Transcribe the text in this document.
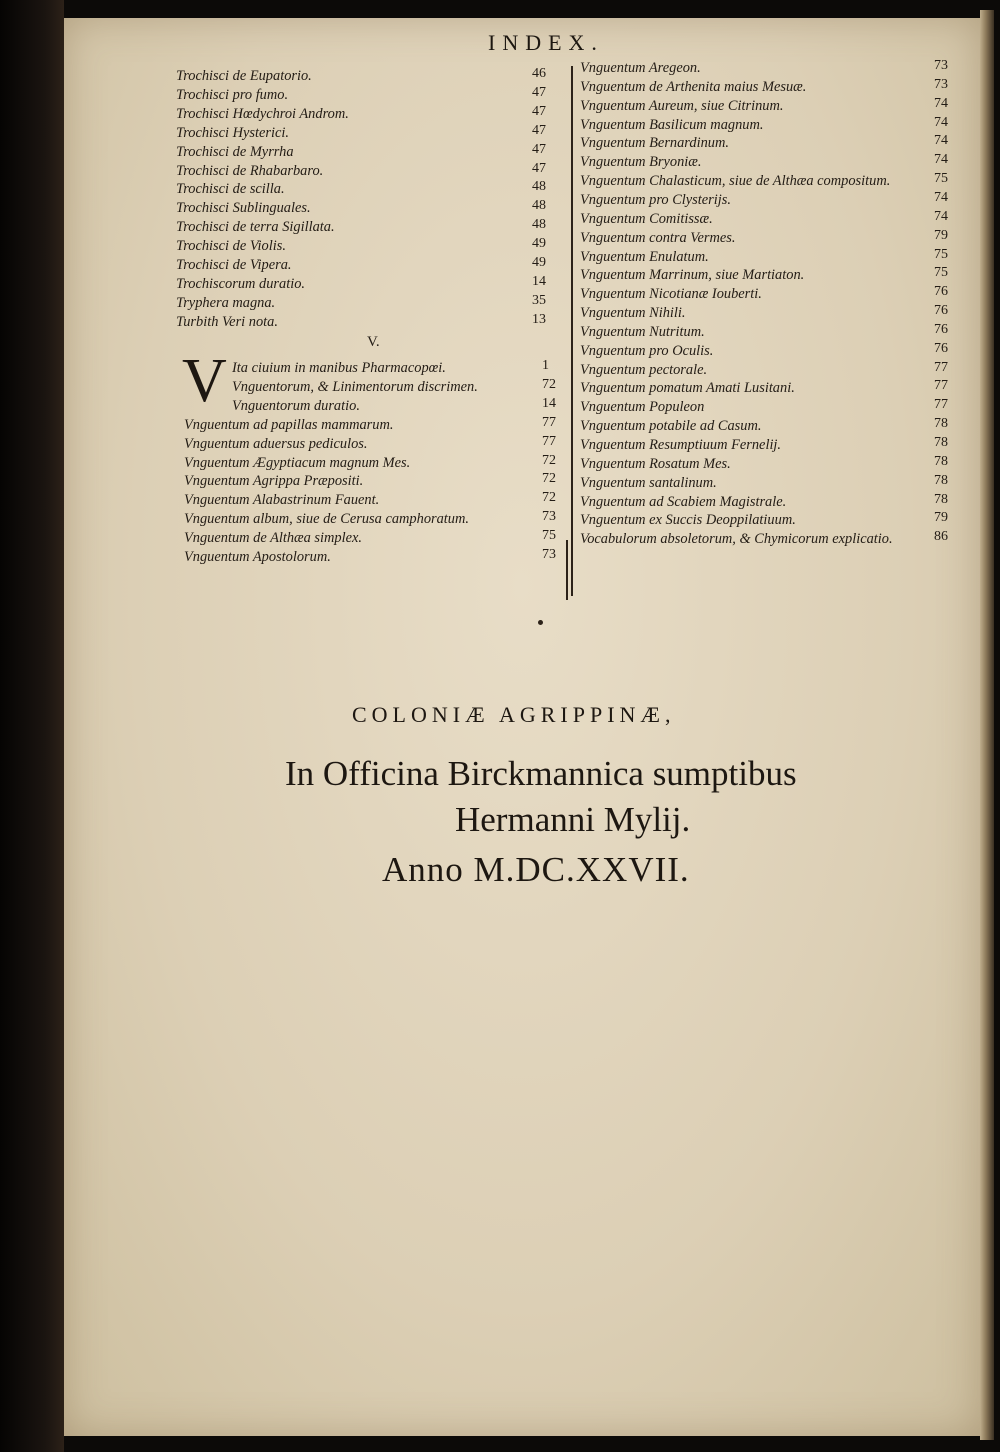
INDEX.
Trochisci de Eupatorio.	46
Trochisci pro fumo.	47
Trochisci Hœdychroi Androm.	47
Trochisci Hysterici.	47
Trochisci de Myrrha	47
Trochisci de Rhabarbaro.	47
Trochisci de scilla.	48
Trochisci Sublinguales.	48
Trochisci de terra Sigillata.	48
Trochisci de Violis.	49
Trochisci de Vipera.	49
Trochiscorum duratio.	14
Tryphera magna.	35
Turbith Veri nota.	13
V.
V Ita ciuium in manibus Pharmacopœi.	1
Vnguentorum, & Linimentorum discrimen.	72
Vnguentorum duratio.	14
Vnguentum ad papillas mammarum.	77
Vnguentum aduersus pediculos.	77
Vnguentum Ægyptiacum magnum Mes.	72
Vnguentum Agrippa Præpositi.	72
Vnguentum Alabastrinum Fauent.	72
Vnguentum album, siue de Cerusa camphoratum.	73
Vnguentum de Althæa simplex.	75
Vnguentum Apostolorum.	73
Vnguentum Aregeon.	73
Vnguentum de Arthenita maius Mesuæ.	73
Vnguentum Aureum, siue Citrinum.	74
Vnguentum Basilicum magnum.	74
Vnguentum Bernardinum.	74
Vnguentum Bryoniæ.	74
Vnguentum Chalasticum, siue de Althæa compositum.	75
Vnguentum pro Clysterijs.	74
Vnguentum Comitissæ.	74
Vnguentum contra Vermes.	79
Vnguentum Enulatum.	75
Vnguentum Marrinum, siue Martiaton.	75
Vnguentum Nicotianæ Iouberti.	76
Vnguentum Nihili.	76
Vnguentum Nutritum.	76
Vnguentum pro Oculis.	76
Vnguentum pectorale.	77
Vnguentum pomatum Amati Lusitani.	77
Vnguentum Populeon	77
Vnguentum potabile ad Casum.	78
Vnguentum Resumptiuum Fernelij.	78
Vnguentum Rosatum Mes.	78
Vnguentum santalinum.	78
Vnguentum ad Scabiem Magistrale.	78
Vnguentum ex Succis Deoppilatiuum.	79
Vocabulorum absoletorum, & Chymicorum explicatio.	86
COLONIÆ AGRIPPINÆ,
In Officina Birckmannica sumptibus
Hermanni Mylij.
Anno M.DC.XXVII.
